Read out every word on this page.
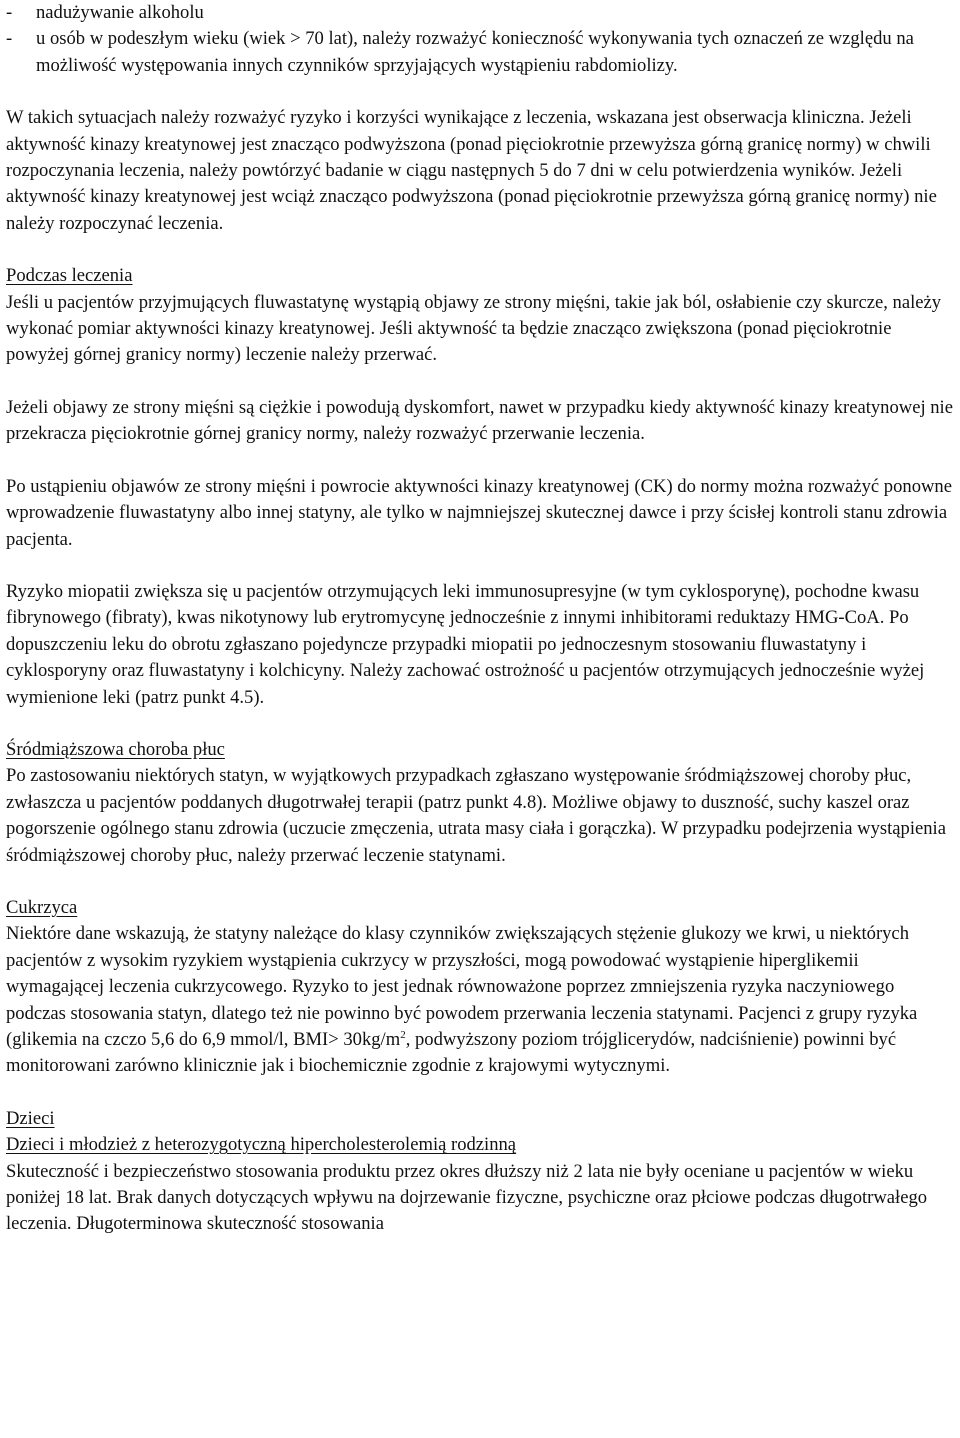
- nadużywanie alkoholu
- u osób w podeszłym wieku (wiek > 70 lat), należy rozważyć konieczność wykonywania tych oznaczeń ze względu na możliwość występowania innych czynników sprzyjających wystąpieniu rabdomiolizy.

W takich sytuacjach należy rozważyć ryzyko i korzyści wynikające z leczenia, wskazana jest obserwacja kliniczna. Jeżeli aktywność kinazy kreatynowej jest znacząco podwyższona (ponad pięciokrotnie przewyższa górną granicę normy) w chwili rozpoczynania leczenia, należy powtórzyć badanie w ciągu następnych 5 do 7 dni w celu potwierdzenia wyników. Jeżeli aktywność kinazy kreatynowej jest wciąż znacząco podwyższona (ponad pięciokrotnie przewyższa górną granicę normy) nie należy rozpoczynać leczenia.

Podczas leczenia

Jeśli u pacjentów przyjmujących fluwastatynę wystąpią objawy ze strony mięśni, takie jak ból, osłabienie czy skurcze, należy wykonać pomiar aktywności kinazy kreatynowej. Jeśli aktywność ta będzie znacząco zwiększona (ponad pięciokrotnie powyżej górnej granicy normy) leczenie należy przerwać.

Jeżeli objawy ze strony mięśni są ciężkie i powodują dyskomfort, nawet w przypadku kiedy aktywność kinazy kreatynowej nie przekracza pięciokrotnie górnej granicy normy, należy rozważyć przerwanie leczenia.

Po ustąpieniu objawów ze strony mięśni i powrocie aktywności kinazy kreatynowej (CK) do normy można rozważyć ponowne wprowadzenie fluwastatyny albo innej statyny, ale tylko w najmniejszej skutecznej dawce i przy ścisłej kontroli stanu zdrowia pacjenta.

Ryzyko miopatii zwiększa się u pacjentów otrzymujących leki immunosupresyjne (w tym cyklosporynę), pochodne kwasu fibrynowego (fibraty), kwas nikotynowy lub erytromycynę jednocześnie z innymi inhibitorami reduktazy HMG-CoA. Po dopuszczeniu leku do obrotu zgłaszano pojedyncze przypadki miopatii po jednoczesnym stosowaniu fluwastatyny i cyklosporyny oraz fluwastatyny i kolchicyny. Należy zachować ostrożność u pacjentów otrzymujących jednocześnie wyżej wymienione leki (patrz punkt 4.5).

Śródmiąższowa choroba płuc

Po zastosowaniu niektórych statyn, w wyjątkowych przypadkach zgłaszano występowanie śródmiąższowej choroby płuc, zwłaszcza u pacjentów poddanych długotrwałej terapii (patrz punkt 4.8). Możliwe objawy to duszność, suchy kaszel oraz pogorszenie ogólnego stanu zdrowia (uczucie zmęczenia, utrata masy ciała i gorączka). W przypadku podejrzenia wystąpienia śródmiąższowej choroby płuc, należy przerwać leczenie statynami.

Cukrzyca

Niektóre dane wskazują, że statyny należące do klasy czynników zwiększających stężenie glukozy we krwi, u niektórych pacjentów z wysokim ryzykiem wystąpienia cukrzycy w przyszłości, mogą powodować wystąpienie hiperglikemii wymagającej leczenia cukrzycowego. Ryzyko to jest jednak równoważone poprzez zmniejszenia ryzyka naczyniowego podczas stosowania statyn, dlatego też nie powinno być powodem przerwania leczenia statynami. Pacjenci z grupy ryzyka (glikemia na czczo 5,6 do 6,9 mmol/l, $BMI> 30kg/m^2$, podwyższony poziom trójglicerydów, nadciśnienie) powinni być monitorowani zarówno klinicznie jak i biochemicznie zgodnie z krajowymi wytycznymi.

Dzieci

Dzieci i młodzież z heterozygotyczną hipercholesterolemią rodzinną

Skuteczność i bezpieczeństwo stosowania produktu przez okres dłuższy niż 2 lata nie były oceniane u pacjentów w wieku poniżej 18 lat. Brak danych dotyczących wpływu na dojrzewanie fizyczne, psychiczne oraz płciowe podczas długotrwałego leczenia. Długoterminowa skuteczność stosowania
